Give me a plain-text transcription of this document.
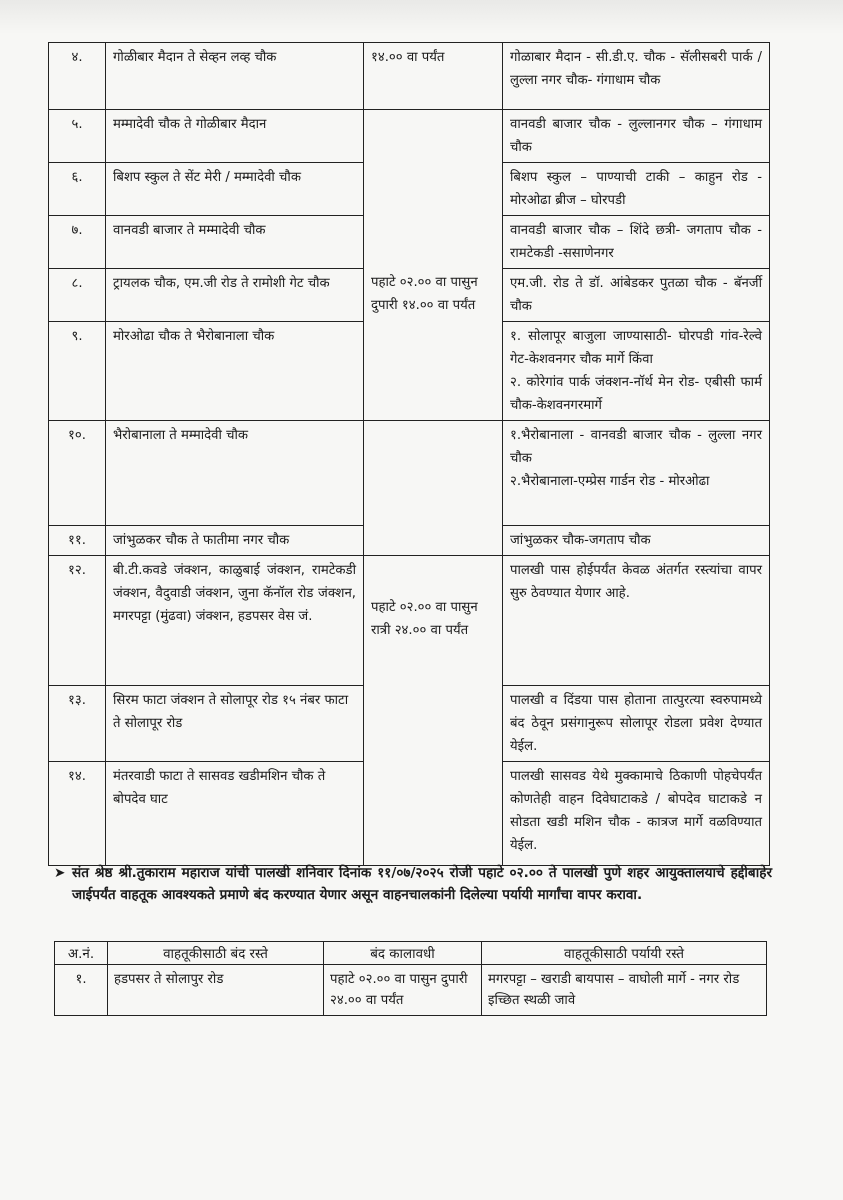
४.	गोळीबार मैदान ते सेव्हन लव्ह चौक	१४.०० वा पर्यंत	गोळाबार मैदान - सी.डी.ए. चौक - सॅलीसबरी पार्क / लुल्ला नगर चौक- गंगाधाम चौक
५.	मम्मादेवी चौक ते गोळीबार मैदान	पहाटे ०२.०० वा पासुन दुपारी १४.०० वा पर्यंत	वानवडी बाजार चौक - लुल्लानगर चौक – गंगाधाम चौक
६.	बिशप स्कुल ते सेंट मेरी / मम्मादेवी चौक		बिशप स्कुल – पाण्याची टाकी – काहुन रोड - मोरओढा ब्रीज – घोरपडी
७.	वानवडी बाजार ते मम्मादेवी चौक		वानवडी बाजार चौक – शिंदे छत्री- जगताप चौक - रामटेकडी -ससाणेनगर
८.	ट्रायलक चौक, एम.जी रोड ते रामोशी गेट चौक		एम.जी. रोड ते डॉ. आंबेडकर पुतळा चौक - बॅनर्जी चौक
९.	मोरओढा चौक ते भैरोबानाला चौक		१. सोलापूर बाजुला जाण्यासाठी- घोरपडी गांव-रेल्वे गेट-केशवनगर चौक मार्गे किंवा
२. कोरेगांव पार्क जंक्शन-नॉर्थ मेन रोड- एबीसी फार्म चौक-केशवनगरमार्गे

१०.	भैरोबानाला ते मम्मादेवी चौक		१.भैरोबानाला - वानवडी बाजार चौक - लुल्ला नगर चौक
२.भैरोबानाला-एम्प्रेस गार्डन रोड - मोरओढा

११.	जांभुळकर चौक ते फातीमा नगर चौक		जांभुळकर चौक-जगताप चौक
१२.	बी.टी.कवडे जंक्शन, काळुबाई जंक्शन, रामटेकडी जंक्शन, वैदुवाडी जंक्शन, जुना कॅनॉल रोड जंक्शन, मगरपट्टा (मुंढवा) जंक्शन, हडपसर वेस जं.	पहाटे ०२.०० वा पासुन रात्री २४.०० वा पर्यंत	पालखी पास होईपर्यंत केवळ अंतर्गत रस्त्यांचा वापर सुरु ठेवण्यात येणार आहे.
१३.	सिरम फाटा जंक्शन ते सोलापूर रोड १५ नंबर फाटा ते सोलापूर रोड		पालखी व दिंडया पास होताना तात्पुरत्या स्वरुपामध्ये बंद ठेवून प्रसंगानुरूप सोलापूर रोडला प्रवेश देण्यात येईल.
१४.	मंतरवाडी फाटा ते सासवड खडीमशिन चौक ते बोपदेव घाट		पालखी सासवड येथे मुक्कामाचे ठिकाणी पोहचेपर्यंत कोणतेही वाहन दिवेघाटाकडे / बोपदेव घाटाकडे न सोडता खडी मशिन चौक - कात्रज मार्गे वळविण्यात येईल.
➤ संत श्रेष्ठ श्री.तुकाराम महाराज यांची पालखी शनिवार दिनांक ११/०७/२०२५ रोजी पहाटे ०२.०० ते पालखी पुणे शहर आयुक्तालयाचे हद्दीबाहेर जाईपर्यंत वाहतूक आवश्यकते प्रमाणे बंद करण्यात येणार असून वाहनचालकांनी दिलेल्या पर्यायी मार्गांचा वापर करावा.
अ.नं.	वाहतूकीसाठी बंद रस्ते	बंद कालावधी	वाहतूकीसाठी पर्यायी रस्ते
१.	हडपसर ते सोलापुर रोड	पहाटे ०२.०० वा पासुन दुपारी २४.०० वा पर्यंत	मगरपट्टा – खराडी बायपास – वाघोली मार्गे - नगर रोड इच्छित स्थळी जावे
